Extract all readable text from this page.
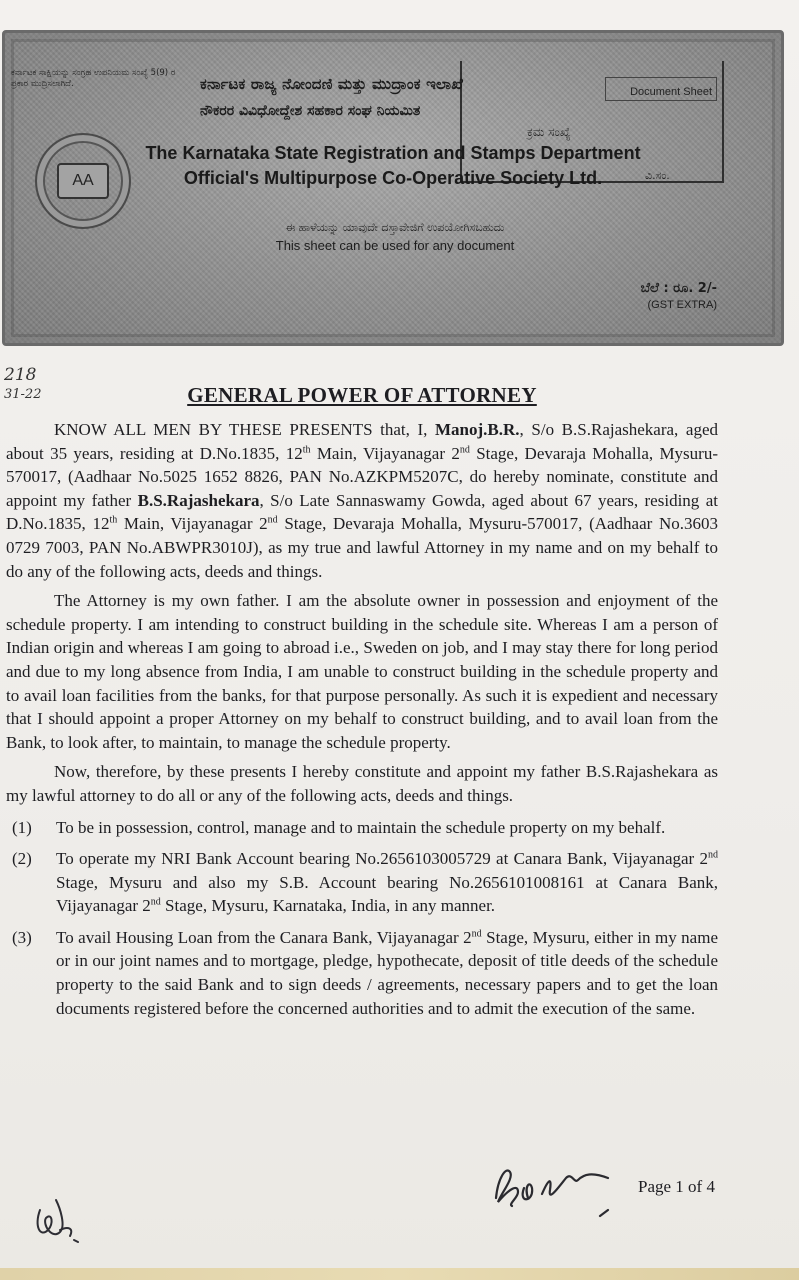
ಕರ್ನಾಟಕ ಸಾಕ್ಷಿಯನ್ನು ಸಂಗ್ರಹ ಉಪನಿಯಮ ಸಂಖ್ಯೆ 5(9) ರ ಪ್ರಕಾರ ಮುದ್ರಿಸಲಾಗಿದೆ.
AA
ಕರ್ನಾಟಕ ರಾಜ್ಯ ನೋಂದಣಿ ಮತ್ತು ಮುದ್ರಾಂಕ ಇಲಾಖೆ
ನೌಕರರ ವಿವಿಧೋದ್ದೇಶ ಸಹಕಾರ ಸಂಘ ನಿಯಮಿತ
Document Sheet
ಕ್ರಮ ಸಂಖ್ಯೆ
ವಿ.ಸಂ.
The Karnataka State Registration and Stamps Department
Official's Multipurpose Co-Operative Society Ltd.
ಈ ಹಾಳೆಯನ್ನು ಯಾವುದೇ ದಸ್ತಾವೇಜಿಗೆ ಉಪಯೋಗಿಸಬಹುದು
This sheet can be used for any document
ಬೆಲೆ : ರೂ. 2/-
(GST EXTRA)
218
31-22	GENERAL POWER OF ATTORNEY

KNOW ALL MEN BY THESE PRESENTS that, I, Manoj.B.R., S/o B.S.Rajashekara, aged about 35 years, residing at D.No.1835, 12th Main, Vijayanagar 2nd Stage, Devaraja Mohalla, Mysuru-570017, (Aadhaar No.5025 1652 8826, PAN No.AZKPM5207C, do hereby nominate, constitute and appoint my father B.S.Rajashekara, S/o Late Sannaswamy Gowda, aged about 67 years, residing at D.No.1835, 12th Main, Vijayanagar 2nd Stage, Devaraja Mohalla, Mysuru-570017, (Aadhaar No.3603 0729 7003, PAN No.ABWPR3010J), as my true and lawful Attorney in my name and on my behalf to do any of the following acts, deeds and things.

The Attorney is my own father. I am the absolute owner in possession and enjoyment of the schedule property. I am intending to construct building in the schedule site. Whereas I am a person of Indian origin and whereas I am going to abroad i.e., Sweden on job, and I may stay there for long period and due to my long absence from India, I am unable to construct building in the schedule property and to avail loan facilities from the banks, for that purpose personally. As such it is expedient and necessary that I should appoint a proper Attorney on my behalf to construct building, and to avail loan from the Bank, to look after, to maintain, to manage the schedule property.

Now, therefore, by these presents I hereby constitute and appoint my father B.S.Rajashekara as my lawful attorney to do all or any of the following acts, deeds and things.

(1)	To be in possession, control, manage and to maintain the schedule property on my behalf.
(2)	To operate my NRI Bank Account bearing No.2656103005729 at Canara Bank, Vijayanagar 2nd Stage, Mysuru and also my S.B. Account bearing No.2656101008161 at Canara Bank, Vijayanagar 2nd Stage, Mysuru, Karnataka, India, in any manner.
(3)	To avail Housing Loan from the Canara Bank, Vijayanagar 2nd Stage, Mysuru, either in my name or in our joint names and to mortgage, pledge, hypothecate, deposit of title deeds of the schedule property to the said Bank and to sign deeds / agreements, necessary papers and to get the loan documents registered before the concerned authorities and to admit the execution of the same.
Page 1 of 4
